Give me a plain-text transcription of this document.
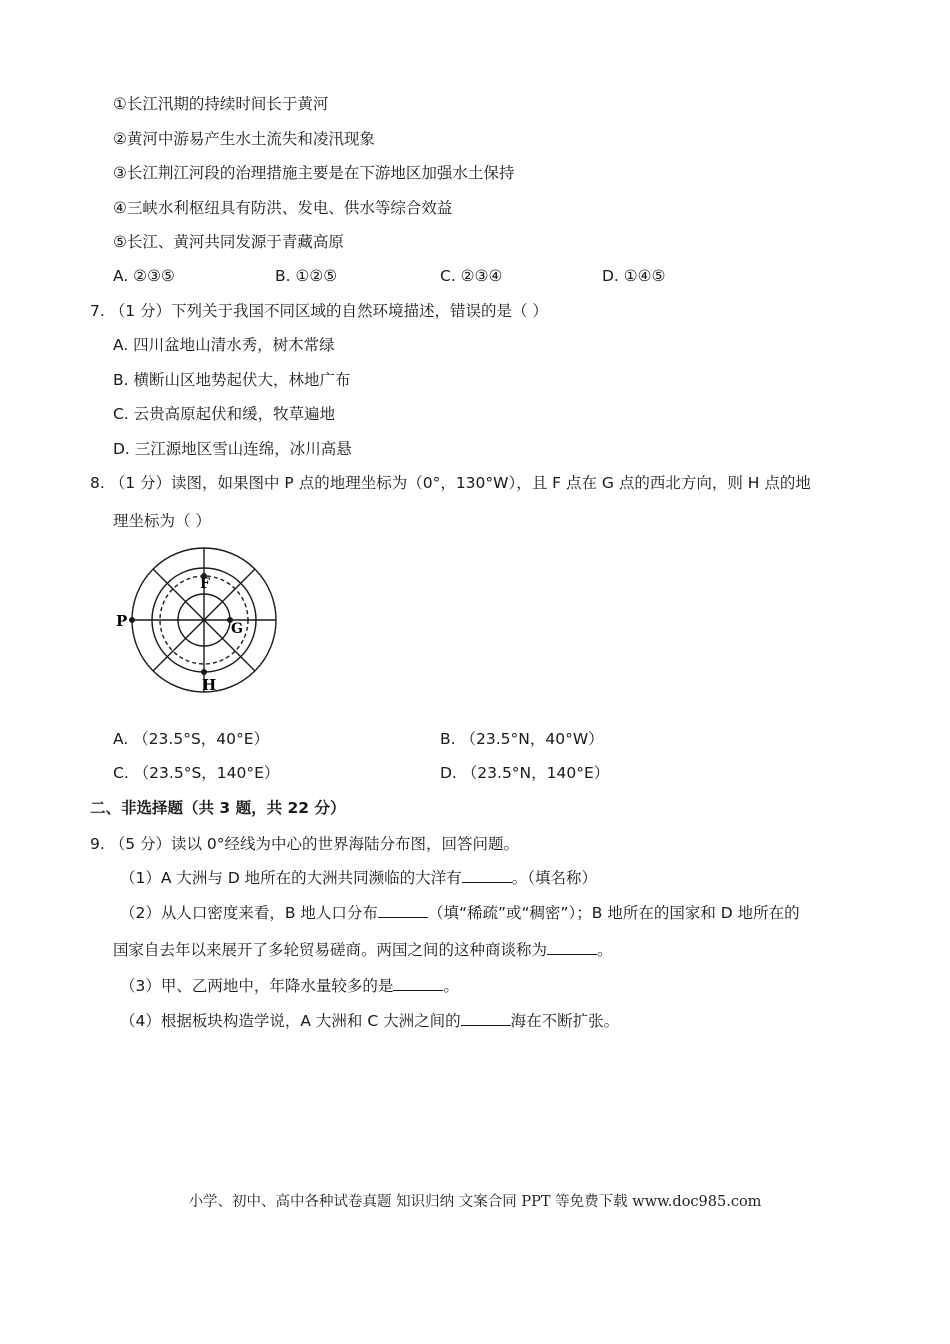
①长江汛期的持续时间长于黄河
②黄河中游易产生水土流失和凌汛现象
③长江荆江河段的治理措施主要是在下游地区加强水土保持
④三峡水利枢纽具有防洪、发电、供水等综合效益
⑤长江、黄河共同发源于青藏高原
A. ②③⑤	B. ①②⑤	C. ②③④	D. ①④⑤
7. （1 分）下列关于我国不同区域的自然环境描述，错误的是（ ）
A. 四川盆地山清水秀，树木常绿
B. 横断山区地势起伏大，林地广布
C. 云贵高原起伏和缓，牧草遍地
D. 三江源地区雪山连绵，冰川高悬
8. （1 分）读图，如果图中 P 点的地理坐标为（0°，130°W），且 F 点在 G 点的西北方向，则 H 点的地
理坐标为（ ）
P
F
G
H
A. （23.5°S，40°E）	B. （23.5°N，40°W）
C. （23.5°S，140°E）	D. （23.5°N，140°E）
二、非选择题（共 3 题，共 22 分）
9. （5 分）读以 0°经线为中心的世界海陆分布图，回答问题。
（1）A 大洲与 D 地所在的大洲共同濒临的大洋有	。（填名称）
（2）从人口密度来看，B 地人口分布	（填“稀疏”或“稠密”）；B 地所在的国家和 D 地所在的
国家自去年以来展开了多轮贸易磋商。两国之间的这种商谈称为	。
（3）甲、乙两地中，年降水量较多的是	。
（4）根据板块构造学说，A 大洲和 C 大洲之间的	海在不断扩张。
小学、初中、高中各种试卷真题 知识归纳 文案合同 PPT 等免费下载 www.doc985.com
